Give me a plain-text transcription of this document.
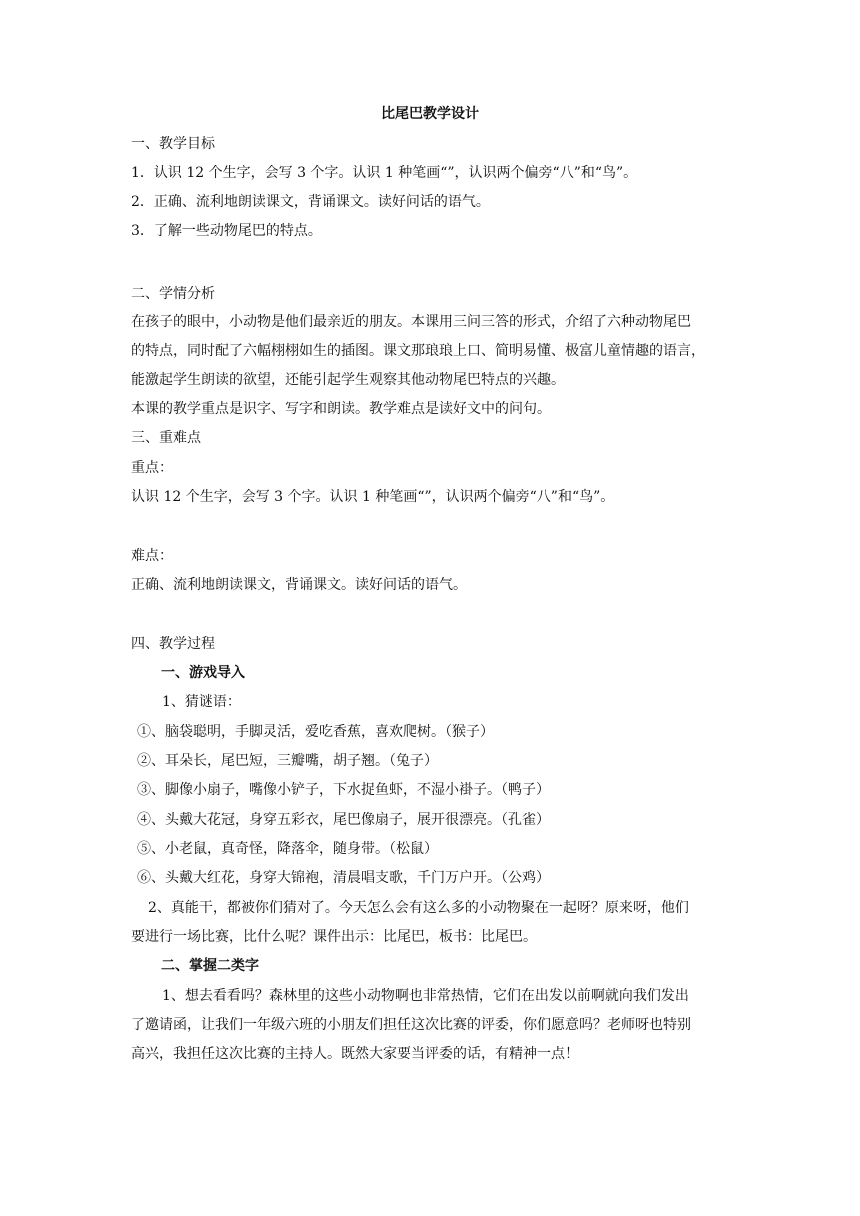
比尾巴教学设计
一、教学目标
1．认识 12 个生字，会写 3 个字。认识 1 种笔画“”，认识两个偏旁“八”和“鸟”。
2．正确、流利地朗读课文，背诵课文。读好问话的语气。
3．了解一些动物尾巴的特点。
二、学情分析
在孩子的眼中，小动物是他们最亲近的朋友。本课用三问三答的形式，介绍了六种动物尾巴
的特点，同时配了六幅栩栩如生的插图。课文那琅琅上口、简明易懂、极富儿童情趣的语言，
能激起学生朗读的欲望，还能引起学生观察其他动物尾巴特点的兴趣。
本课的教学重点是识字、写字和朗读。教学难点是读好文中的问句。
三、重难点
重点：
认识 12 个生字，会写 3 个字。认识 1 种笔画“”，认识两个偏旁“八”和“鸟”。
难点：
正确、流利地朗读课文，背诵课文。读好问话的语气。
四、教学过程
一、游戏导入
1、猜谜语：
①、脑袋聪明，手脚灵活，爱吃香蕉，喜欢爬树。（猴子）
②、耳朵长，尾巴短，三瓣嘴，胡子翘。（兔子）
③、脚像小扇子，嘴像小铲子，下水捉鱼虾，不湿小褂子。（鸭子）
④、头戴大花冠，身穿五彩衣，尾巴像扇子，展开很漂亮。（孔雀）
⑤、小老鼠，真奇怪，降落伞，随身带。（松鼠）
⑥、头戴大红花，身穿大锦袍，清晨唱支歌，千门万户开。（公鸡）
2、真能干，都被你们猜对了。今天怎么会有这么多的小动物聚在一起呀？原来呀，他们
要进行一场比赛，比什么呢？课件出示：比尾巴，板书：比尾巴。
二、掌握二类字
1、想去看看吗？森林里的这些小动物啊也非常热情，它们在出发以前啊就向我们发出
了邀请函，让我们一年级六班的小朋友们担任这次比赛的评委，你们愿意吗？老师呀也特别
高兴，我担任这次比赛的主持人。既然大家要当评委的话，有精神一点！
